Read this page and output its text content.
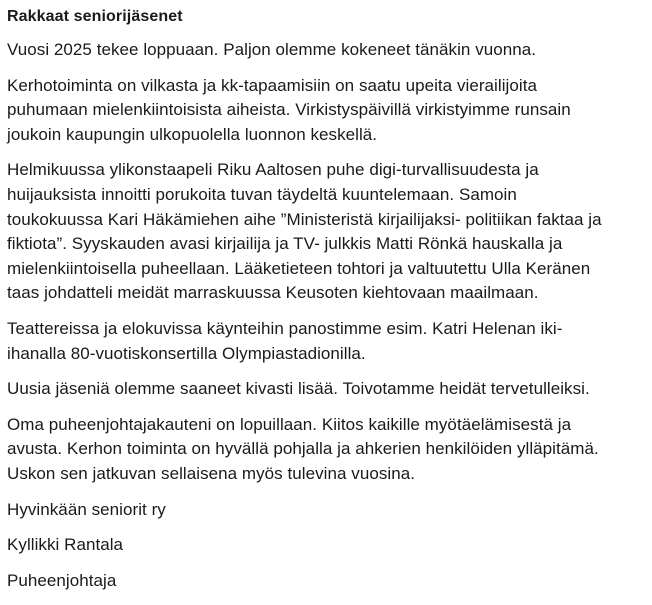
Rakkaat seniorijäsenet
Vuosi 2025 tekee loppuaan. Paljon olemme kokeneet tänäkin vuonna.
Kerhotoiminta on vilkasta ja kk-tapaamisiin on saatu upeita vierailijoita
puhumaan mielenkiintoisista aiheista. Virkistyspäivillä virkistyimme runsain
joukoin kaupungin ulkopuolella luonnon keskellä.
Helmikuussa ylikonstaapeli Riku Aaltosen puhe digi-turvallisuudesta ja
huijauksista innoitti porukoita tuvan täydeltä kuuntelemaan. Samoin
toukokuussa Kari Häkämiehen aihe ”Ministeristä kirjailijaksi- politiikan faktaa ja
fiktiota”. Syyskauden avasi kirjailija ja TV- julkkis Matti Rönkä hauskalla ja
mielenkiintoisella puheellaan. Lääketieteen tohtori ja valtuutettu Ulla Keränen
taas johdatteli meidät marraskuussa Keusoten kiehtovaan maailmaan.
Teattereissa ja elokuvissa käynteihin panostimme esim. Katri Helenan iki-
ihanalla 80-vuotiskonsertilla Olympiastadionilla.
Uusia jäseniä olemme saaneet kivasti lisää. Toivotamme heidät tervetulleiksi.
Oma puheenjohtajakauteni on lopuillaan. Kiitos kaikille myötäelämisestä ja
avusta. Kerhon toiminta on hyvällä pohjalla ja ahkerien henkilöiden ylläpitämä.
Uskon sen jatkuvan sellaisena myös tulevina vuosina.
Hyvinkään seniorit ry
Kyllikki Rantala
Puheenjohtaja
